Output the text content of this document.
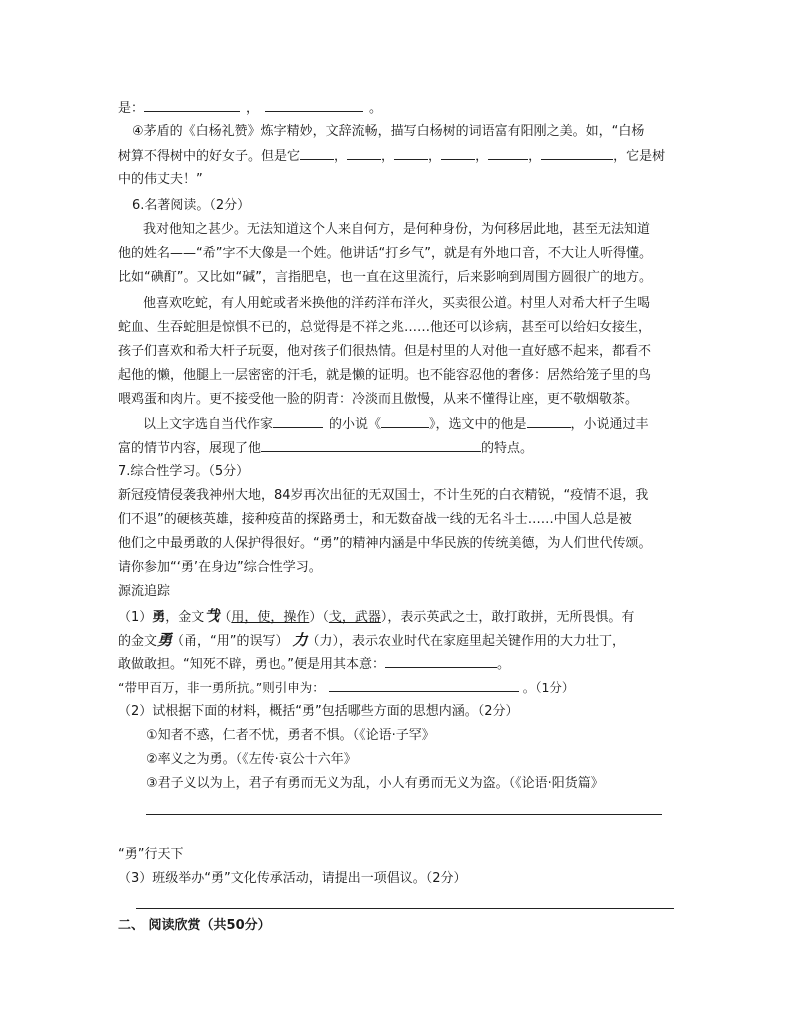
是：	，	。
④茅盾的《白杨礼赞》炼字精妙，文辞流畅，描写白杨树的词语富有阳刚之美。如，“白杨
树算不得树中的好女子。但是它	，	，	，	，	，	，它是树
中的伟丈夫！”
6.名著阅读。（2分）
我对他知之甚少。无法知道这个人来自何方，是何种身份，为何移居此地，甚至无法知道
他的姓名——“希”字不大像是一个姓。他讲话“打乡气”，就是有外地口音，不大让人听得懂。
比如“碘酊”。又比如“碱”，言指肥皂，也一直在这里流行，后来影响到周围方圆很广的地方。
他喜欢吃蛇，有人用蛇或者米换他的洋药洋布洋火，买卖很公道。村里人对希大杆子生喝
蛇血、生吞蛇胆是惊惧不已的，总觉得是不祥之兆……他还可以诊病，甚至可以给妇女接生，
孩子们喜欢和希大杆子玩耍，他对孩子们很热情。但是村里的人对他一直好感不起来，都看不
起他的懒，他腿上一层密密的汗毛，就是懒的证明。也不能容忍他的奢侈：居然给笼子里的鸟
喂鸡蛋和肉片。更不接受他一脸的阴青：冷淡而且傲慢，从来不懂得让座，更不敬烟敬茶。
以上文字选自当代作家	的小说《	》，选文中的他是	，小说通过丰
富的情节内容，展现了他	的特点。
7.综合性学习。（5分）
新冠疫情侵袭我神州大地，84岁再次出征的无双国士，不计生死的白衣精锐，“疫情不退，我
们不退”的硬核英雄，接种疫苗的探路勇士，和无数奋战一线的无名斗士……中国人总是被
他们之中最勇敢的人保护得很好。“勇”的精神内涵是中华民族的传统美德，为人们世代传颂。
请你参加“‘勇’在身边”综合性学习。
源流追踪
（1）勇，金文𢦏（用，使，操作）（戈，武器），表示英武之士，敢打敢拼，无所畏惧。有
的金文勇（甬，“用”的误写） 力（力），表示农业时代在家庭里起关键作用的大力壮丁，
敢做敢担。“知死不辟，勇也。”便是用其本意：	。
“带甲百万，非一勇所抗。”则引申为：	。（1分）
（2）试根据下面的材料，概括“勇”包括哪些方面的思想内涵。（2分）
①知者不惑，仁者不忧，勇者不惧。（《论语·子罕》
②率义之为勇。（《左传·哀公十六年》
③君子义以为上，君子有勇而无义为乱，小人有勇而无义为盗。（《论语·阳货篇》
“勇”行天下
（3）班级举办“勇”文化传承活动，请提出一项倡议。（2分）
二、 阅读欣赏（共50分）
